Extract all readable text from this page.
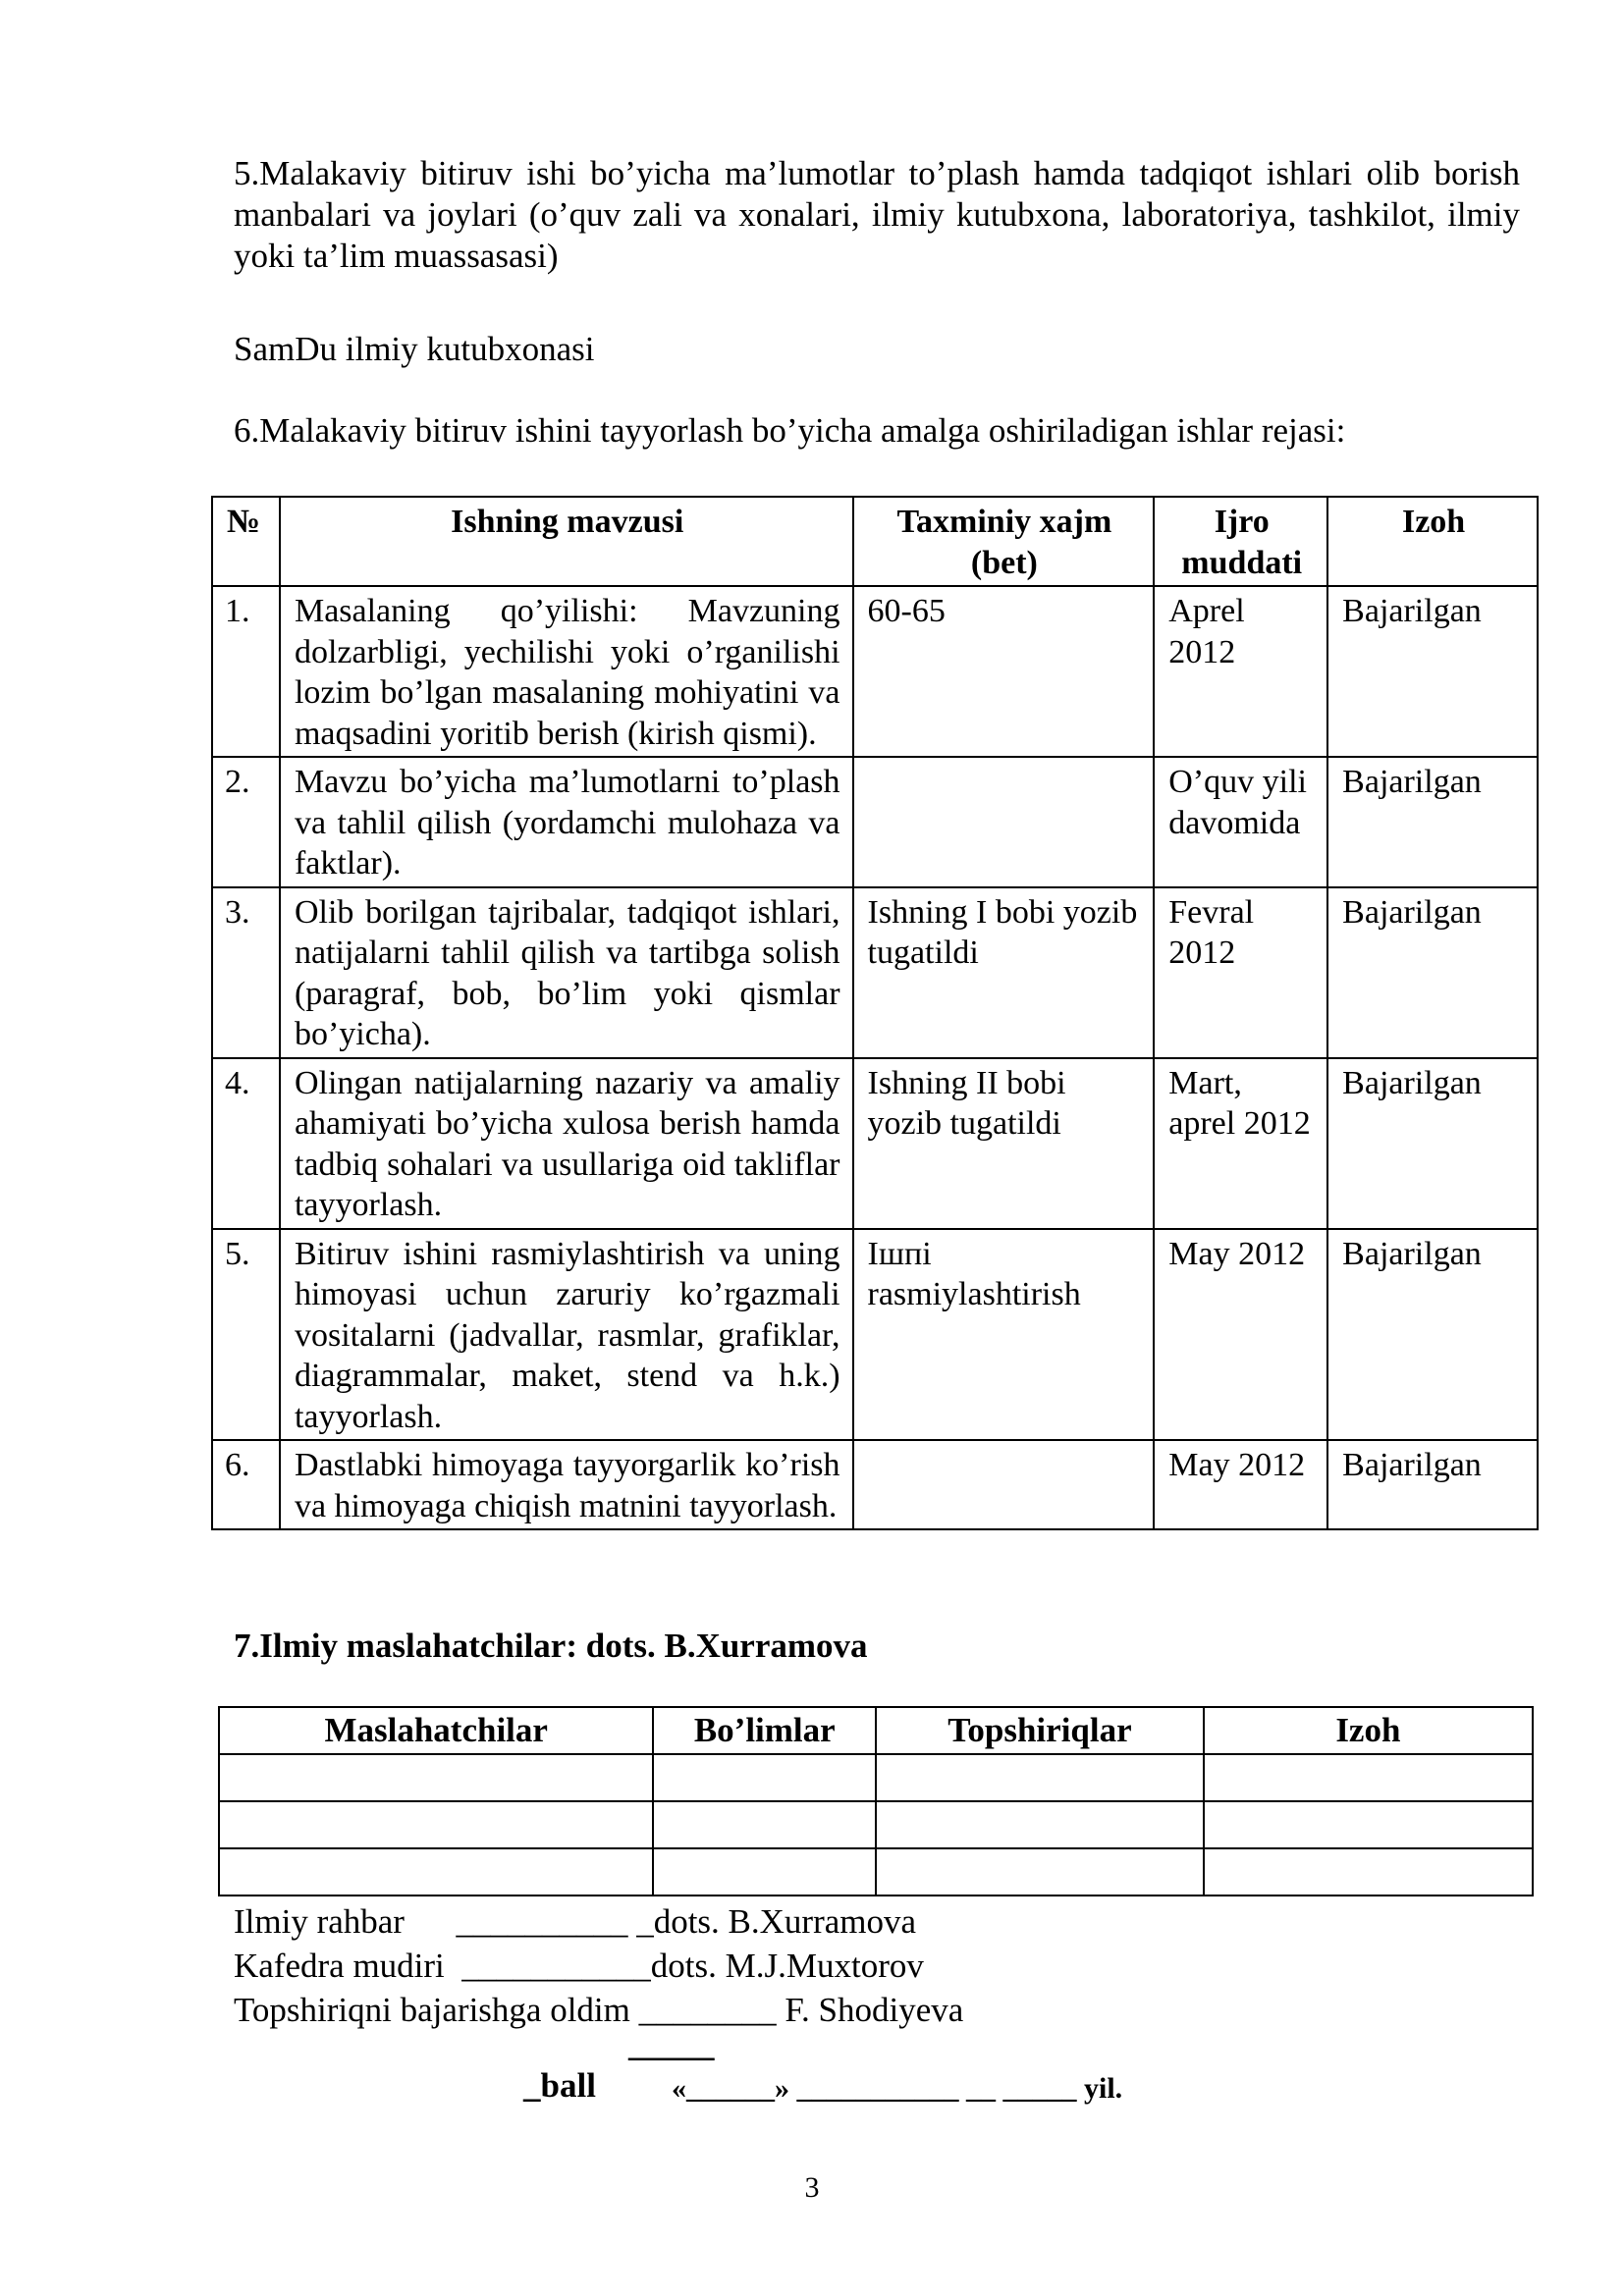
5.Malakaviy bitiruv ishi bo’yicha ma’lumotlar to’plash hamda tadqiqot ishlari olib borish manbalari va joylari (o’quv zali va xonalari, ilmiy kutubxona, laboratoriya, tashkilot, ilmiy yoki ta’lim muassasasi)

SamDu ilmiy kutubxonasi

6.Malakaviy bitiruv ishini tayyorlash bo’yicha amalga oshiriladigan ishlar rejasi:

№	Ishning mavzusi	Taxminiy xajm (bet)	Ijro muddati	Izoh
1.	Masalaning qo’yilishi: Mavzuning dolzarbligi, yechilishi yoki o’rganilishi lozim bo’lgan masalaning mohiyatini va maqsadini yoritib berish (kirish qismi).	60-65	Aprel 2012	Bajarilgan
2.	Mavzu bo’yicha ma’lumotlarni to’plash va tahlil qilish (yordamchi mulohaza va faktlar).		O’quv yili davomida	Bajarilgan
3.	Olib borilgan tajribalar, tadqiqot ishlari, natijalarni tahlil qilish va tartibga solish (paragraf, bob, bo’lim yoki qismlar bo’yicha).	Ishning I bobi yozib tugatildi	Fevral 2012	Bajarilgan
4.	Olingan natijalarning nazariy va amaliy ahamiyati bo’yicha xulosa berish hamda tadbiq sohalari va usullariga oid takliflar tayyorlash.	Ishning II bobi yozib tugatildi	Mart, aprel 2012	Bajarilgan
5.	Bitiruv ishini rasmiylashtirish va uning himoyasi uchun zaruriy ko’rgazmali vositalarni (jadvallar, rasmlar, grafiklar, diagrammalar, maket, stend va h.k.) tayyorlash.	Ішпі rasmiylashtirish	May 2012	Bajarilgan
6.	Dastlabki himoyaga tayyorgarlik ko’rish va himoyaga chiqish matnini tayyorlash.		May 2012	Bajarilgan

7.Ilmiy maslahatchilar: dots. B.Xurramova

Maslahatchilar	Bo’limlar	Topshiriqlar	Izoh

Ilmiy rahbar      __________ _dots. B.Xurramova
Kafedra mudiri  ___________dots. M.J.Muxtorov
Topshiriqni bajarishga oldim ________ F. Shodiyeva
_____
_ball	«______» ___________ __ _____ yil.
3
